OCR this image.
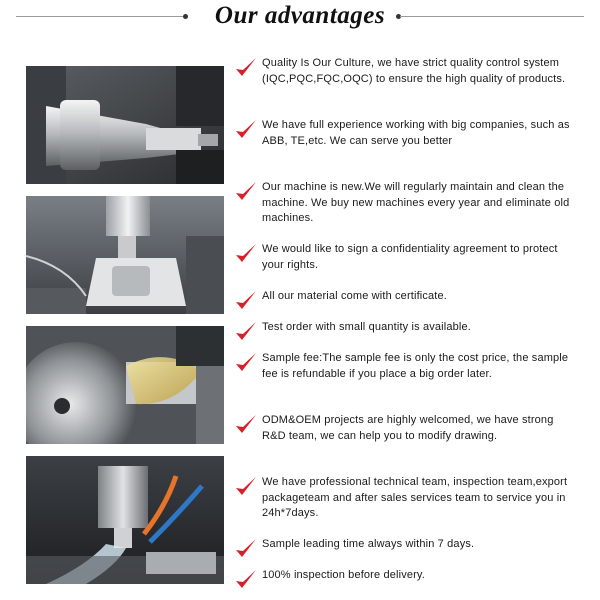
Our advantages

Quality Is Our Culture, we have strict quality control system (IQC,PQC,FQC,OQC) to ensure the high quality of products.

We have full experience working with big companies, such as ABB, TE,etc. We can serve you better

Our machine is new.We will regularly maintain and clean the machine. We buy new machines every year and eliminate old machines.

We would like to sign a confidentiality agreement to protect your rights.

All our material come with certificate.

Test order with small quantity is available.

Sample fee:The sample fee is only the cost price, the sample fee is refundable if you place a big order later.

ODM&OEM projects are highly welcomed, we have strong R&D team, we can help you to modify drawing.

We have professional technical team, inspection team,export packageteam and after sales services team to service you in 24h*7days.

Sample leading time always within 7 days.

100% inspection before delivery.
